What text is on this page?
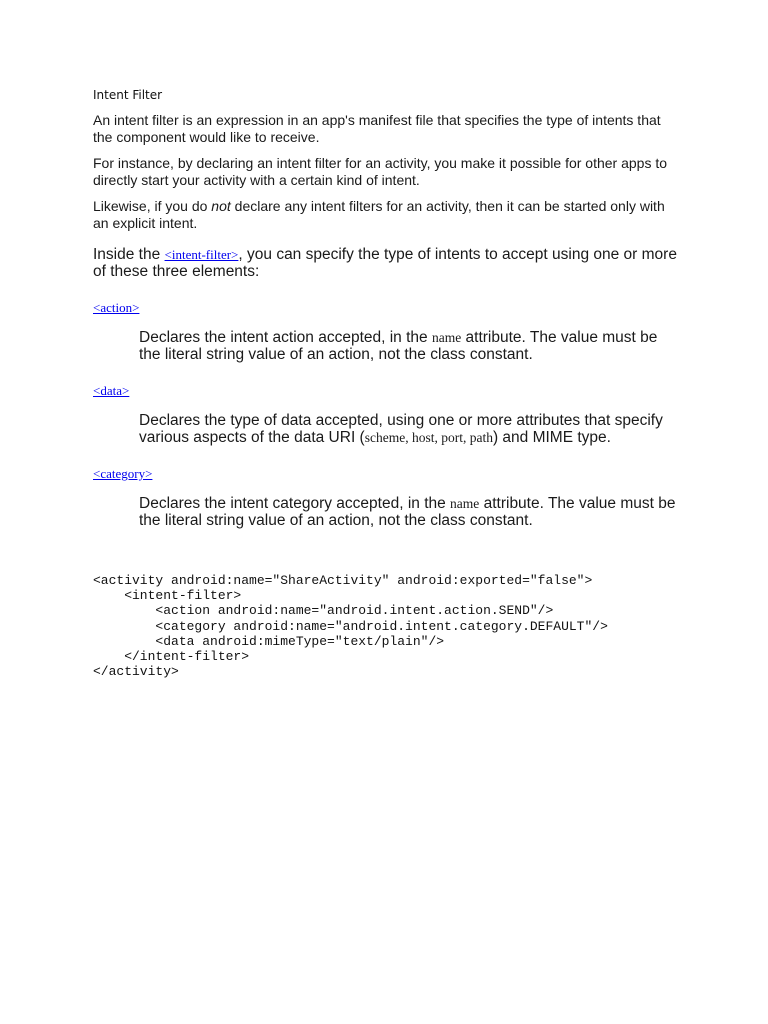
Intent Filter

An intent filter is an expression in an app's manifest file that specifies the type of intents that the component would like to receive.

For instance, by declaring an intent filter for an activity, you make it possible for other apps to directly start your activity with a certain kind of intent.

Likewise, if you do not declare any intent filters for an activity, then it can be started only with an explicit intent.

Inside the <intent-filter>, you can specify the type of intents to accept using one or more of these three elements:

<action>

Declares the intent action accepted, in the name attribute. The value must be the literal string value of an action, not the class constant.

<data>

Declares the type of data accepted, using one or more attributes that specify various aspects of the data URI (scheme, host, port, path) and MIME type.

<category>

Declares the intent category accepted, in the name attribute. The value must be the literal string value of an action, not the class constant.

<activity android:name="ShareActivity" android:exported="false">
<intent-filter>
<action android:name="android.intent.action.SEND"/>
<category android:name="android.intent.category.DEFAULT"/>
<data android:mimeType="text/plain"/>
</intent-filter>
</activity>
